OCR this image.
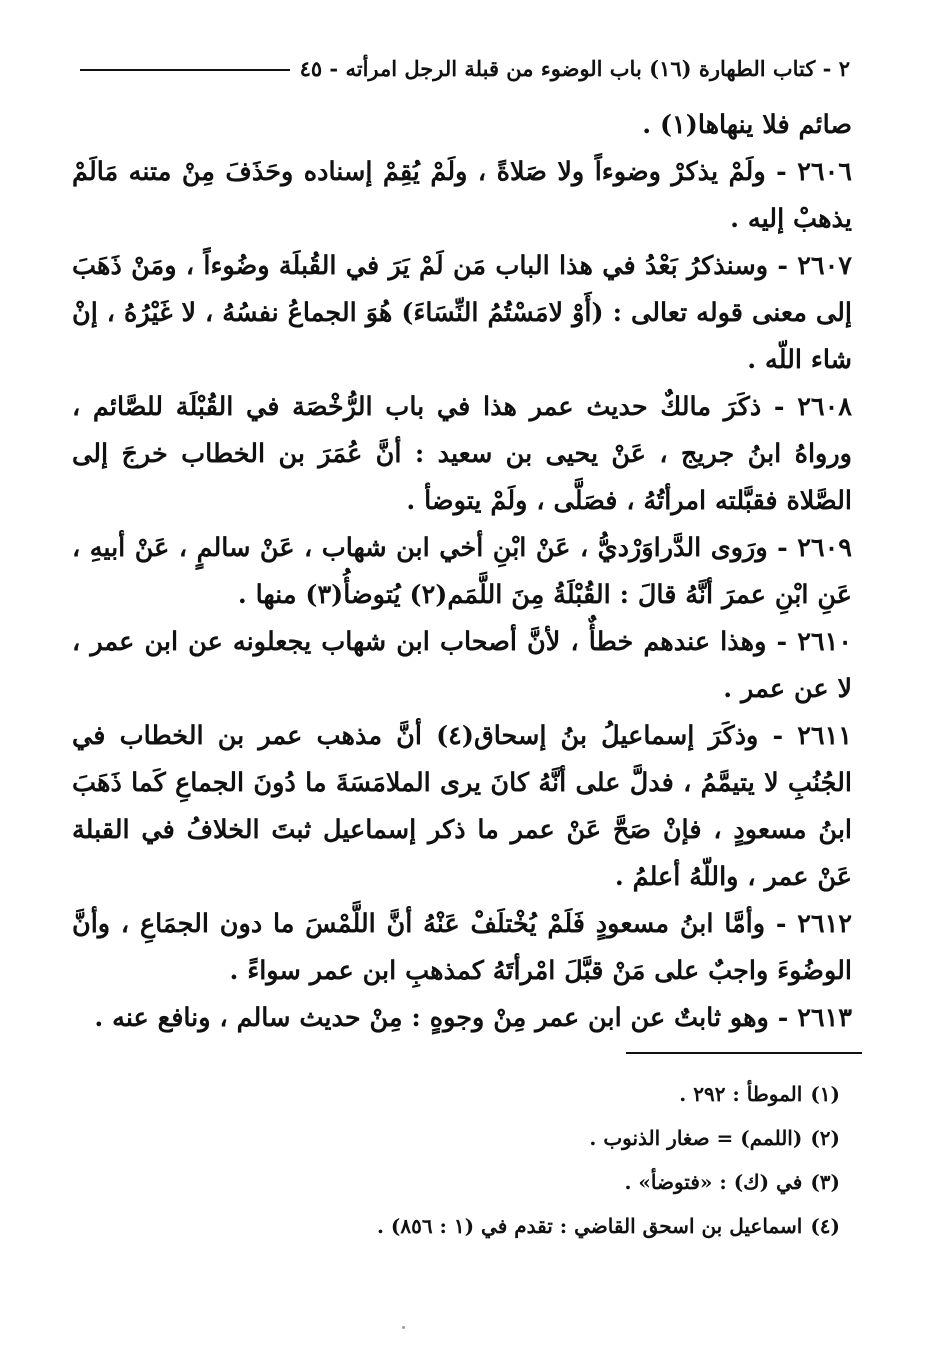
٢ - كتاب الطهارة (١٦) باب الوضوء من قبلة الرجل امرأته - ٤٥

صائم فلا ينهاها(١) .

٢٦٠٦ - ولَمْ يذكرْ وضوءاً ولا صَلاةً ، ولَمْ يُقِمْ إسناده وحَذَفَ مِنْ متنه مَالَمْ يذهبْ إليه .

٢٦٠٧ - وسنذكرُ بَعْدُ في هذا الباب مَن لَمْ يَرَ في القُبلَة وضُوءاً ، ومَنْ ذَهَبَ إلى معنى قوله تعالى : (أَوْ لامَسْتُمُ النِّسَاءَ) هُوَ الجماعُ نفسُهُ ، لا غَيْرُهُ ، إنْ شاء اللّه .

٢٦٠٨ - ذكَرَ مالكٌ حديث عمر هذا في باب الرُّخْصَة في القُبْلَة للصَّائم ، ورواهُ ابنُ جريج ، عَنْ يحيى بن سعيد : أنَّ عُمَرَ بن الخطاب خرجَ إلى الصَّلاة فقبَّلته امرأتُهُ ، فصَلَّى ، ولَمْ يتوضأ .

٢٦٠٩ - ورَوى الدَّراوَرْديُّ ، عَنْ ابْنِ أخي ابن شهاب ، عَنْ سالمٍ ، عَنْ أبيهِ ، عَنِ ابْنِ عمرَ أنَّهُ قالَ : القُبْلَةُ مِنَ اللَّمَم(٢) يُتوضأُ(٣) منها .

٢٦١٠ - وهذا عندهم خطأٌ ، لأنَّ أصحاب ابن شهاب يجعلونه عن ابن عمر ، لا عن عمر .

٢٦١١ - وذكَرَ إسماعيلُ بنُ إسحاق(٤) أنَّ مذهب عمر بن الخطاب في الجُنُبِ لا يتيمَّمُ ، فدلَّ على أنَّهُ كانَ يرى الملامَسَةَ ما دُونَ الجماعِ كَما ذَهَبَ ابنُ مسعودٍ ، فإنْ صَحَّ عَنْ عمر ما ذكر إسماعيل ثبتَ الخلافُ في القبلة عَنْ عمر ، واللّهُ أعلمُ .

٢٦١٢ - وأمَّا ابنُ مسعودٍ فَلَمْ يُخْتلَفْ عَنْهُ أنَّ اللَّمْسَ ما دون الجمَاعِ ، وأنَّ الوضُوءَ واجبٌ على مَنْ قبَّلَ امْرأتَهُ كمذهبِ ابن عمر سواءً .

٢٦١٣ - وهو ثابتٌ عن ابن عمر مِنْ وجوهٍ : مِنْ حديث سالم ، ونافع عنه .

(١)الموطأ : ٢٩٢ .

(٢)(اللمم) = صغار الذنوب .

(٣)في (ك) : «فتوضأ» .

(٤)اسماعيل بن اسحق القاضي : تقدم في (١ : ٨٥٦) .
